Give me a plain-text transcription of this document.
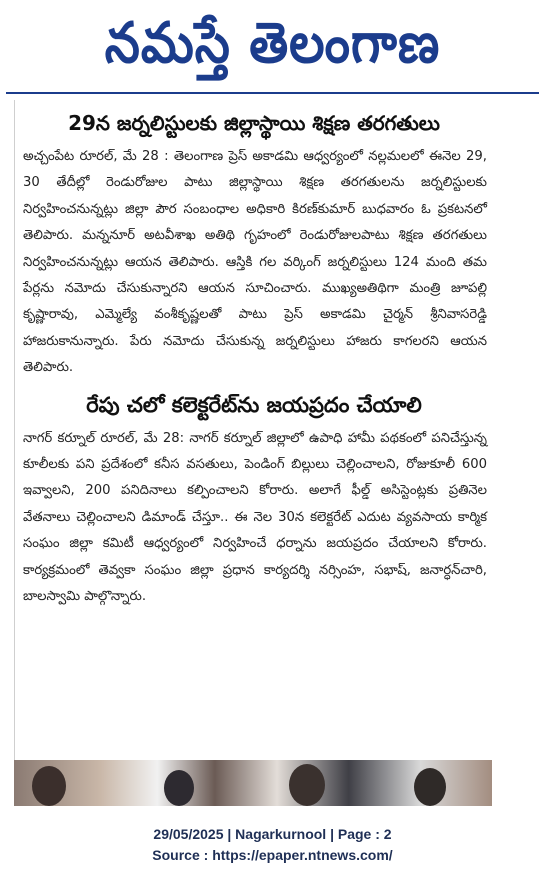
నమస్తే తెలంగాణ
29న జర్నలిస్టులకు జిల్లాస్థాయి శిక్షణ తరగతులు

అచ్చంపేట రూరల్, మే 28 : తెలంగాణ ప్రెస్ అకాడమి ఆధ్వర్యంలో నల్లమలలో ఈనెల 29, 30 తేదీల్లో రెండురోజుల పాటు జిల్లాస్థాయి శిక్షణ తరగతులను జర్నలిస్టులకు నిర్వహించనున్నట్లు జిల్లా పౌర సంబంధాల అధికారి కిరణ్‌కుమార్ బుధవారం ఓ ప్రకటనలో తెలిపారు. మన్ననూర్ అటవీశాఖ అతిథి గృహంలో రెండురోజులపాటు శిక్షణ తరగతులు నిర్వహించనున్నట్లు ఆయన తెలిపారు. ఆస్తికి గల వర్కింగ్ జర్నలిస్టులు 124 మంది తమ పేర్లను నమోదు చేసుకున్నారని ఆయన సూచించారు. ముఖ్యఅతిథిగా మంత్రి జూపల్లి కృష్ణారావు, ఎమ్మెల్యే వంశీకృష్ణలతో పాటు ప్రెస్ అకాడమి చైర్మన్ శ్రీనివాసరెడ్డి హాజరుకానున్నారు. పేరు నమోదు చేసుకున్న జర్నలిస్టులు హాజరు కాగలరని ఆయన తెలిపారు.

రేపు చలో కలెక్టరేట్‌ను జయప్రదం చేయాలి

నాగర్ కర్నూల్ రూరల్, మే 28: నాగర్ కర్నూల్ జిల్లాలో ఉపాధి హామీ పథకంలో పనిచేస్తున్న కూలీలకు పని ప్రదేశంలో కనీస వసతులు, పెండింగ్ బిల్లులు చెల్లించాలని, రోజుకూలీ 600 ఇవ్వాలని, 200 పనిదినాలు కల్పించాలని కోరారు. అలాగే ఫీల్డ్ అసిస్టెంట్లకు ప్రతినెల వేతనాలు చెల్లించాలని డిమాండ్ చేస్తూ.. ఈ నెల 30న కలెక్టరేట్ ఎదుట వ్యవసాయ కార్మిక సంఘం జిల్లా కమిటీ ఆధ్వర్యంలో నిర్వహించే ధర్నాను జయప్రదం చేయాలని కోరారు. కార్యక్రమంలో తెవ్వకా సంఘం జిల్లా ప్రధాన కార్యదర్శి నర్సింహ, సభాష్, జనార్ధన్‌చారి, బాలస్వామి పాల్గొన్నారు.

29/05/2025 | Nagarkurnool | Page : 2
Source : https://epaper.ntnews.com/
